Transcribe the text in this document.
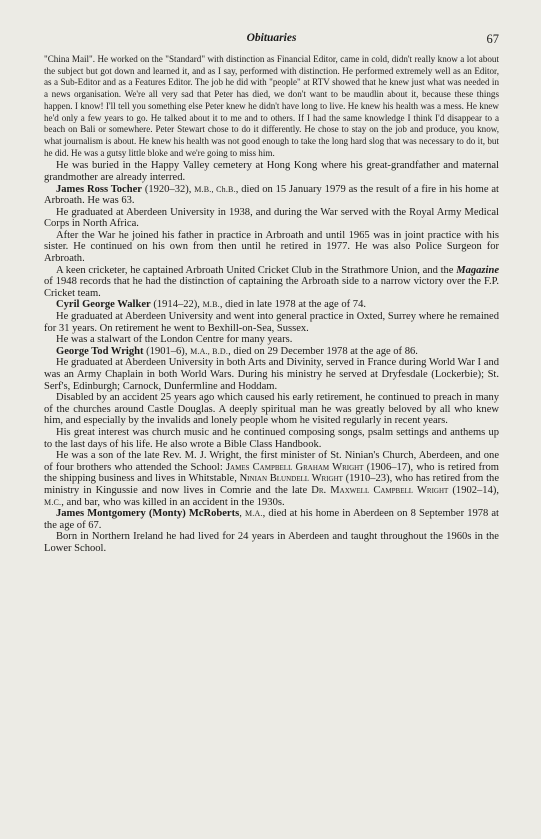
Obituaries	67

"China Mail". He worked on the "Standard" with distinction as Financial Editor, came in cold, didn't really know a lot about the subject but got down and learned it, and as I say, performed with distinction. He performed extremely well as an Editor, as a Sub-Editor and as a Features Editor. The job he did with "people" at RTV showed that he knew just what was needed in a news organisation. We're all very sad that Peter has died, we don't want to be maudlin about it, because these things happen. I know! I'll tell you something else Peter knew he didn't have long to live. He knew his health was a mess. He knew he'd only a few years to go. He talked about it to me and to others. If I had the same knowledge I think I'd disappear to a beach on Bali or somewhere. Peter Stewart chose to do it differently. He chose to stay on the job and produce, you know, what journalism is about. He knew his health was not good enough to take the long hard slog that was necessary to do it, but he did. He was a gutsy little bloke and we're going to miss him.

He was buried in the Happy Valley cemetery at Hong Kong where his great-grandfather and maternal grandmother are already interred.

James Ross Tocher (1920–32), M.B., Ch.B., died on 15 January 1979 as the result of a fire in his home at Arbroath. He was 63.

He graduated at Aberdeen University in 1938, and during the War served with the Royal Army Medical Corps in North Africa.

After the War he joined his father in practice in Arbroath and until 1965 was in joint practice with his sister. He continued on his own from then until he retired in 1977. He was also Police Surgeon for Arbroath.

A keen cricketer, he captained Arbroath United Cricket Club in the Strathmore Union, and the Magazine of 1948 records that he had the distinction of captaining the Arbroath side to a narrow victory over the F.P. Cricket team.

Cyril George Walker (1914–22), M.B., died in late 1978 at the age of 74.

He graduated at Aberdeen University and went into general practice in Oxted, Surrey where he remained for 31 years. On retirement he went to Bexhill-on-Sea, Sussex.

He was a stalwart of the London Centre for many years.

George Tod Wright (1901–6), M.A., B.D., died on 29 December 1978 at the age of 86.

He graduated at Aberdeen University in both Arts and Divinity, served in France during World War I and was an Army Chaplain in both World Wars. During his ministry he served at Dryfesdale (Lockerbie); St. Serf's, Edinburgh; Carnock, Dunfermline and Hoddam.

Disabled by an accident 25 years ago which caused his early retirement, he continued to preach in many of the churches around Castle Douglas. A deeply spiritual man he was greatly beloved by all who knew him, and especially by the invalids and lonely people whom he visited regularly in recent years.

His great interest was church music and he continued composing songs, psalm settings and anthems up to the last days of his life. He also wrote a Bible Class Handbook.

He was a son of the late Rev. M. J. Wright, the first minister of St. Ninian's Church, Aberdeen, and one of four brothers who attended the School: James Campbell Graham Wright (1906–17), who is retired from the shipping business and lives in Whitstable, Ninian Blundell Wright (1910–23), who has retired from the ministry in Kingussie and now lives in Comrie and the late Dr. Maxwell Campbell Wright (1902–14), M.C., and bar, who was killed in an accident in the 1930s.

James Montgomery (Monty) McRoberts, M.A., died at his home in Aberdeen on 8 September 1978 at the age of 67.

Born in Northern Ireland he had lived for 24 years in Aberdeen and taught throughout the 1960s in the Lower School.
